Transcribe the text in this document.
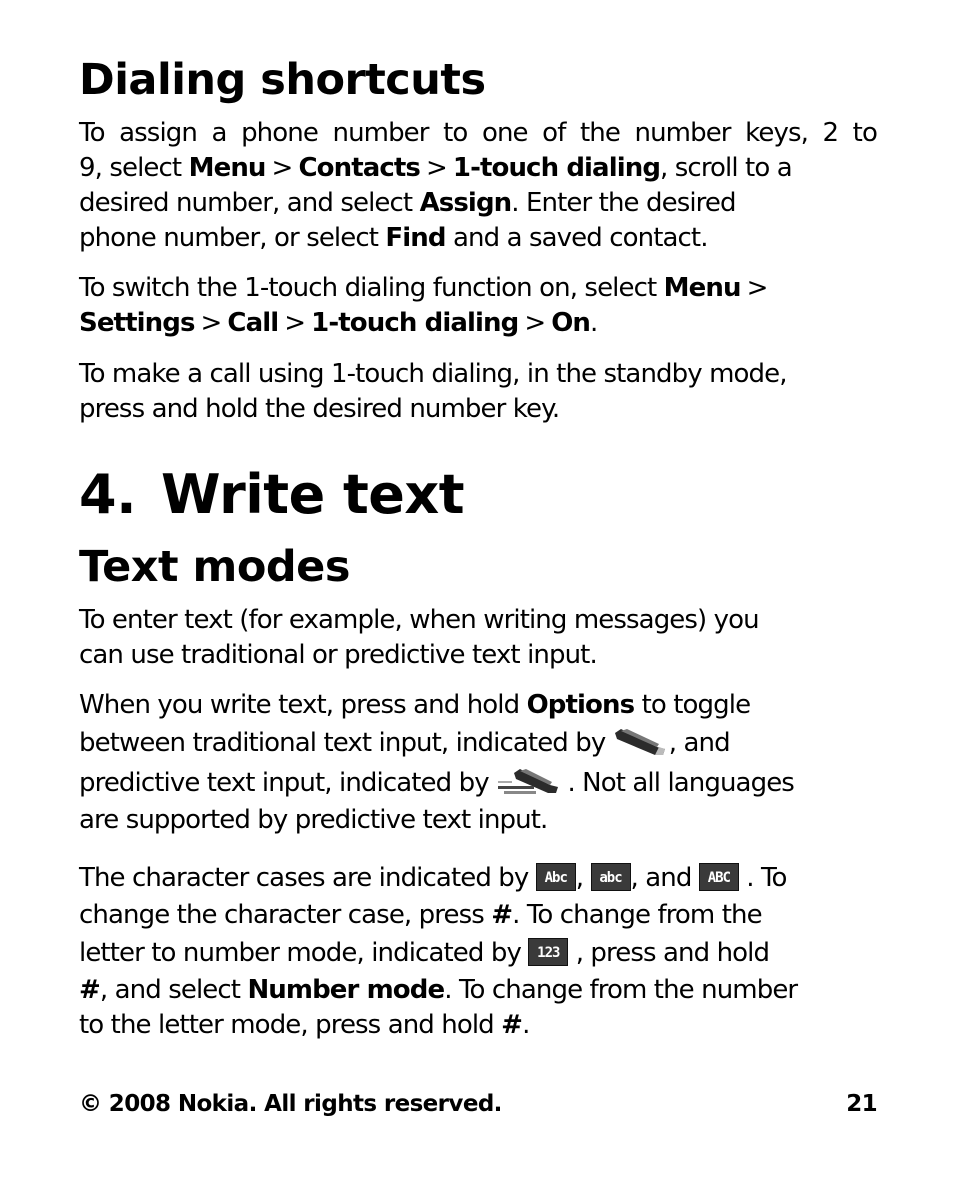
Dialing shortcuts
To assign a phone number to one of the number keys, 2 to
9, select Menu > Contacts > 1-touch dialing, scroll to a
desired number, and select Assign. Enter the desired
phone number, or select Find and a saved contact.
To switch the 1-touch dialing function on, select Menu >
Settings > Call > 1-touch dialing > On.
To make a call using 1-touch dialing, in the standby mode,
press and hold the desired number key.
4. Write text
Text modes
To enter text (for example, when writing messages) you
can use traditional or predictive text input.
When you write text, press and hold Options to toggle
between traditional text input, indicated by , and
predictive text input, indicated by	. Not all languages
are supported by predictive text input.
The character cases are indicated by Abc , abc , and ABC . To
change the character case, press #. To change from the
letter to number mode, indicated by 123 , press and hold
#, and select Number mode. To change from the number
to the letter mode, press and hold #.
© 2008 Nokia. All rights reserved.	21
